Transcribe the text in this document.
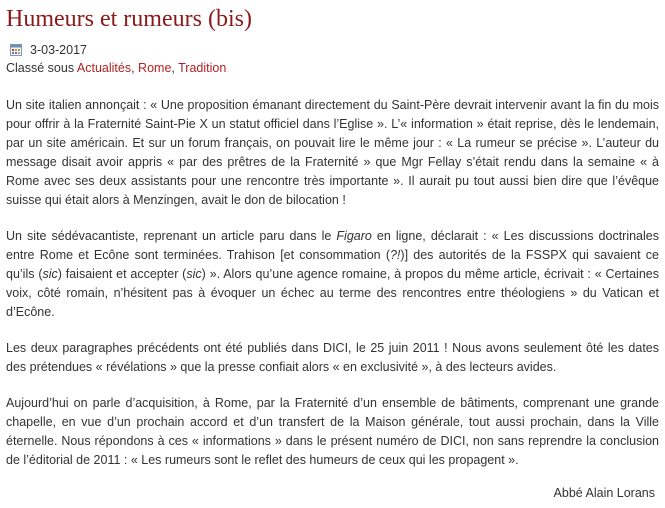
Humeurs et rumeurs (bis)
3-03-2017
Classé sous Actualités, Rome, Tradition

Un site italien annonçait : « Une proposition émanant directement du Saint-Père devrait intervenir avant la fin du mois pour offrir à la Fraternité Saint-Pie X un statut officiel dans l’Eglise ». L’« information » était reprise, dès le lendemain, par un site américain. Et sur un forum français, on pouvait lire le même jour : « La rumeur se précise ». L’auteur du message disait avoir appris « par des prêtres de la Fraternité » que Mgr Fellay s’était rendu dans la semaine « à Rome avec ses deux assistants pour une rencontre très importante ». Il aurait pu tout aussi bien dire que l’évêque suisse qui était alors à Menzingen, avait le don de bilocation !

Un site sédévacantiste, reprenant un article paru dans le Figaro en ligne, déclarait : « Les discussions doctrinales entre Rome et Ecône sont terminées. Trahison [et consommation (?!)] des autorités de la FSSPX qui savaient ce qu’ils (sic) faisaient et accepter (sic) ». Alors qu’une agence romaine, à propos du même article, écrivait : « Certaines voix, côté romain, n’hésitent pas à évoquer un échec au terme des rencontres entre théologiens » du Vatican et d’Ecône.

Les deux paragraphes précédents ont été publiés dans DICI, le 25 juin 2011 ! Nous avons seulement ôté les dates des prétendues « révélations » que la presse confiait alors « en exclusivité », à des lecteurs avides.

Aujourd’hui on parle d’acquisition, à Rome, par la Fraternité d’un ensemble de bâtiments, comprenant une grande chapelle, en vue d’un prochain accord et d’un transfert de la Maison générale, tout aussi prochain, dans la Ville éternelle. Nous répondons à ces « informations » dans le présent numéro de DICI, non sans reprendre la conclusion de l’éditorial de 2011 : « Les rumeurs sont le reflet des humeurs de ceux qui les propagent ».

Abbé Alain Lorans
